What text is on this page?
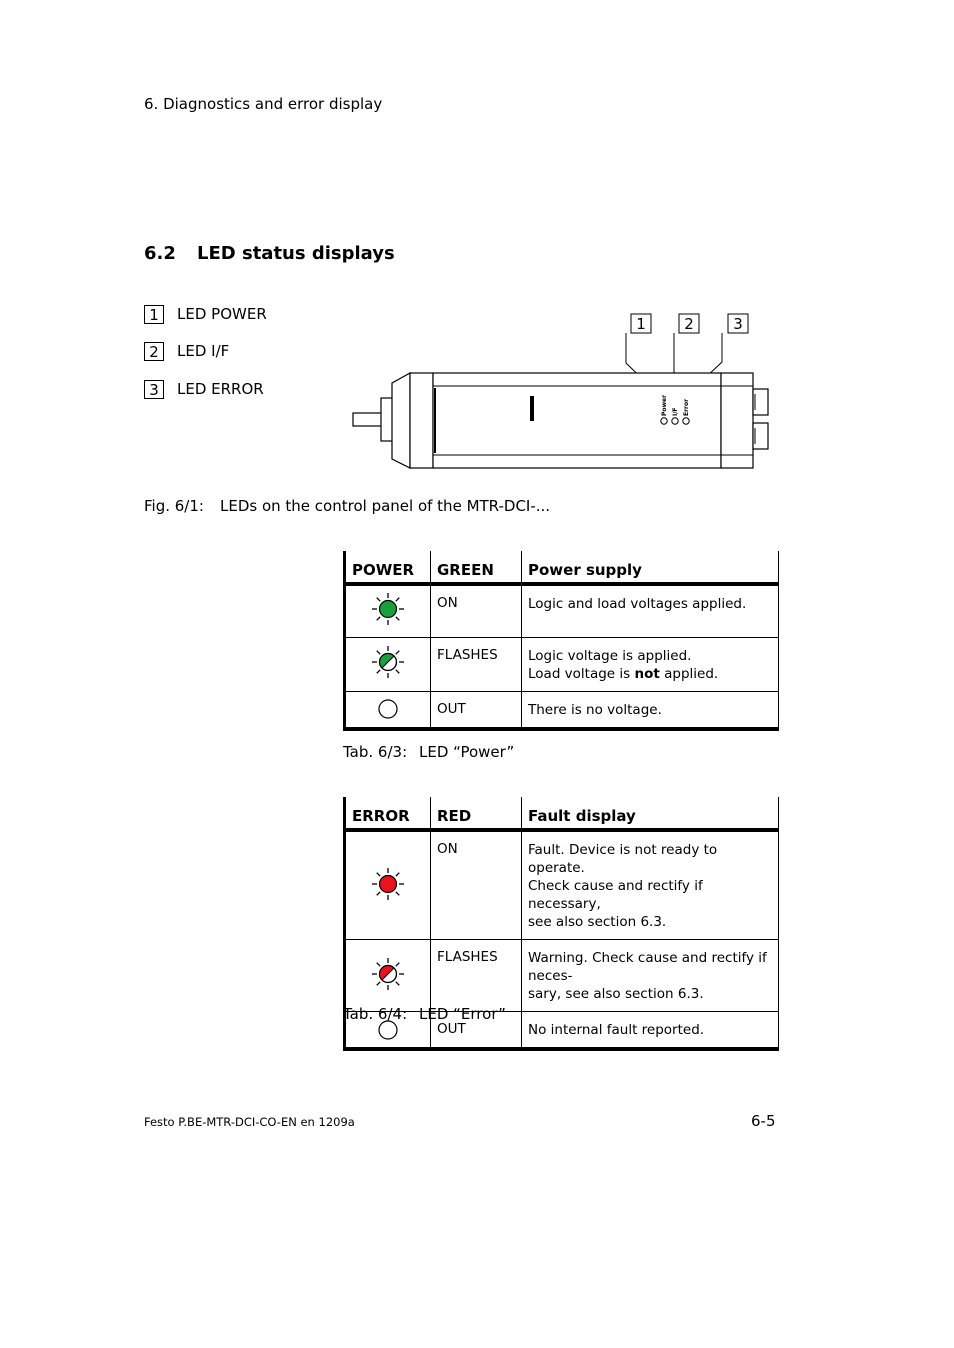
6. Diagnostics and error display
6.2 LED status displays
1	LED POWER
2	LED I/F
3	LED ERROR
1	2	3
Power I/F Error
Fig. 6/1: LEDs on the control panel of the MTR-DCI-...
POWER	GREEN	Power supply
	ON	Logic and load voltages applied.

	FLASHES	Logic voltage is applied.
Load voltage is not applied.

	OUT	There is no voltage.
Tab. 6/3: LED “Power”
ERROR	RED	Fault display
	ON	Fault. Device is not ready to operate.
Check cause and rectify if necessary,
see also section 6.3.

	FLASHES	Warning. Check cause and rectify if neces-
sary, see also section 6.3.

	OUT	No internal fault reported.
Tab. 6/4: LED “Error”
Festo P.BE-MTR-DCI-CO-EN en 1209a	6-5
